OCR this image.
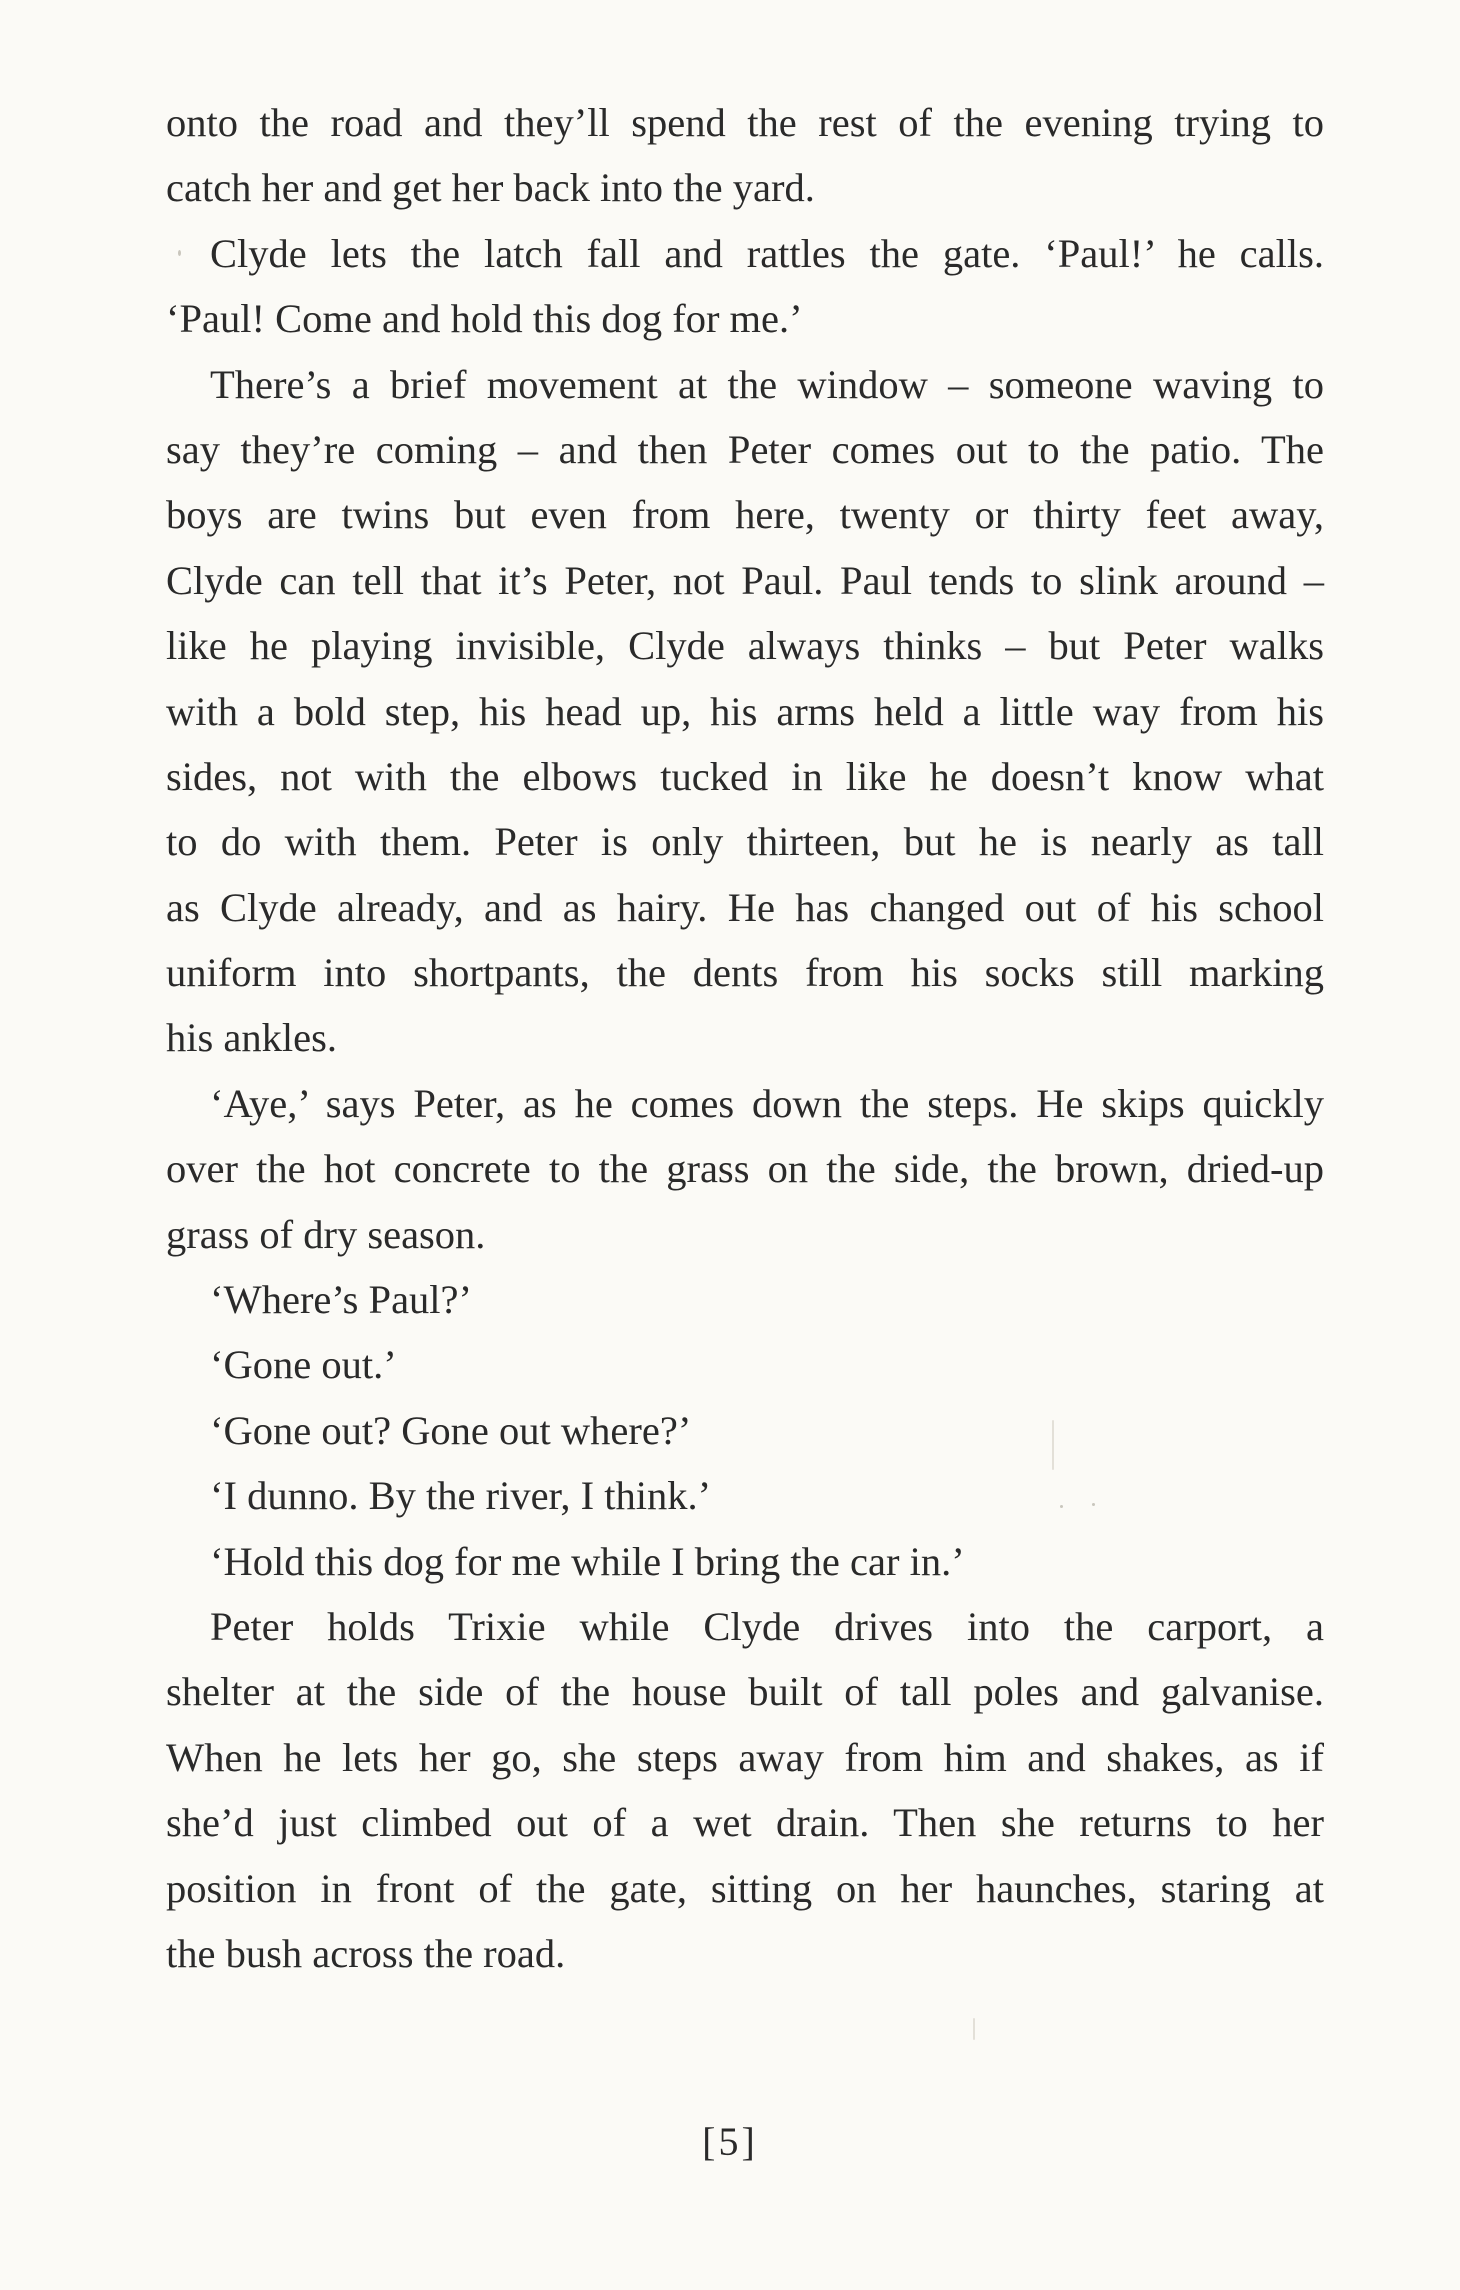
onto the road and they’ll spend the rest of the evening trying to
catch her and get her back into the yard.
Clyde lets the latch fall and rattles the gate. ‘Paul!’ he calls.
‘Paul! Come and hold this dog for me.’
There’s a brief movement at the window – someone waving to
say they’re coming – and then Peter comes out to the patio. The
boys are twins but even from here, twenty or thirty feet away,
Clyde can tell that it’s Peter, not Paul. Paul tends to slink around –
like he playing invisible, Clyde always thinks – but Peter walks
with a bold step, his head up, his arms held a little way from his
sides, not with the elbows tucked in like he doesn’t know what
to do with them. Peter is only thirteen, but he is nearly as tall
as Clyde already, and as hairy. He has changed out of his school
uniform into shortpants, the dents from his socks still marking
his ankles.
‘Aye,’ says Peter, as he comes down the steps. He skips quickly
over the hot concrete to the grass on the side, the brown, dried-up
grass of dry season.
‘Where’s Paul?’
‘Gone out.’
‘Gone out? Gone out where?’
‘I dunno. By the river, I think.’
‘Hold this dog for me while I bring the car in.’
Peter holds Trixie while Clyde drives into the carport, a
shelter at the side of the house built of tall poles and galvanise.
When he lets her go, she steps away from him and shakes, as if
she’d just climbed out of a wet drain. Then she returns to her
position in front of the gate, sitting on her haunches, staring at
the bush across the road.
[5]
